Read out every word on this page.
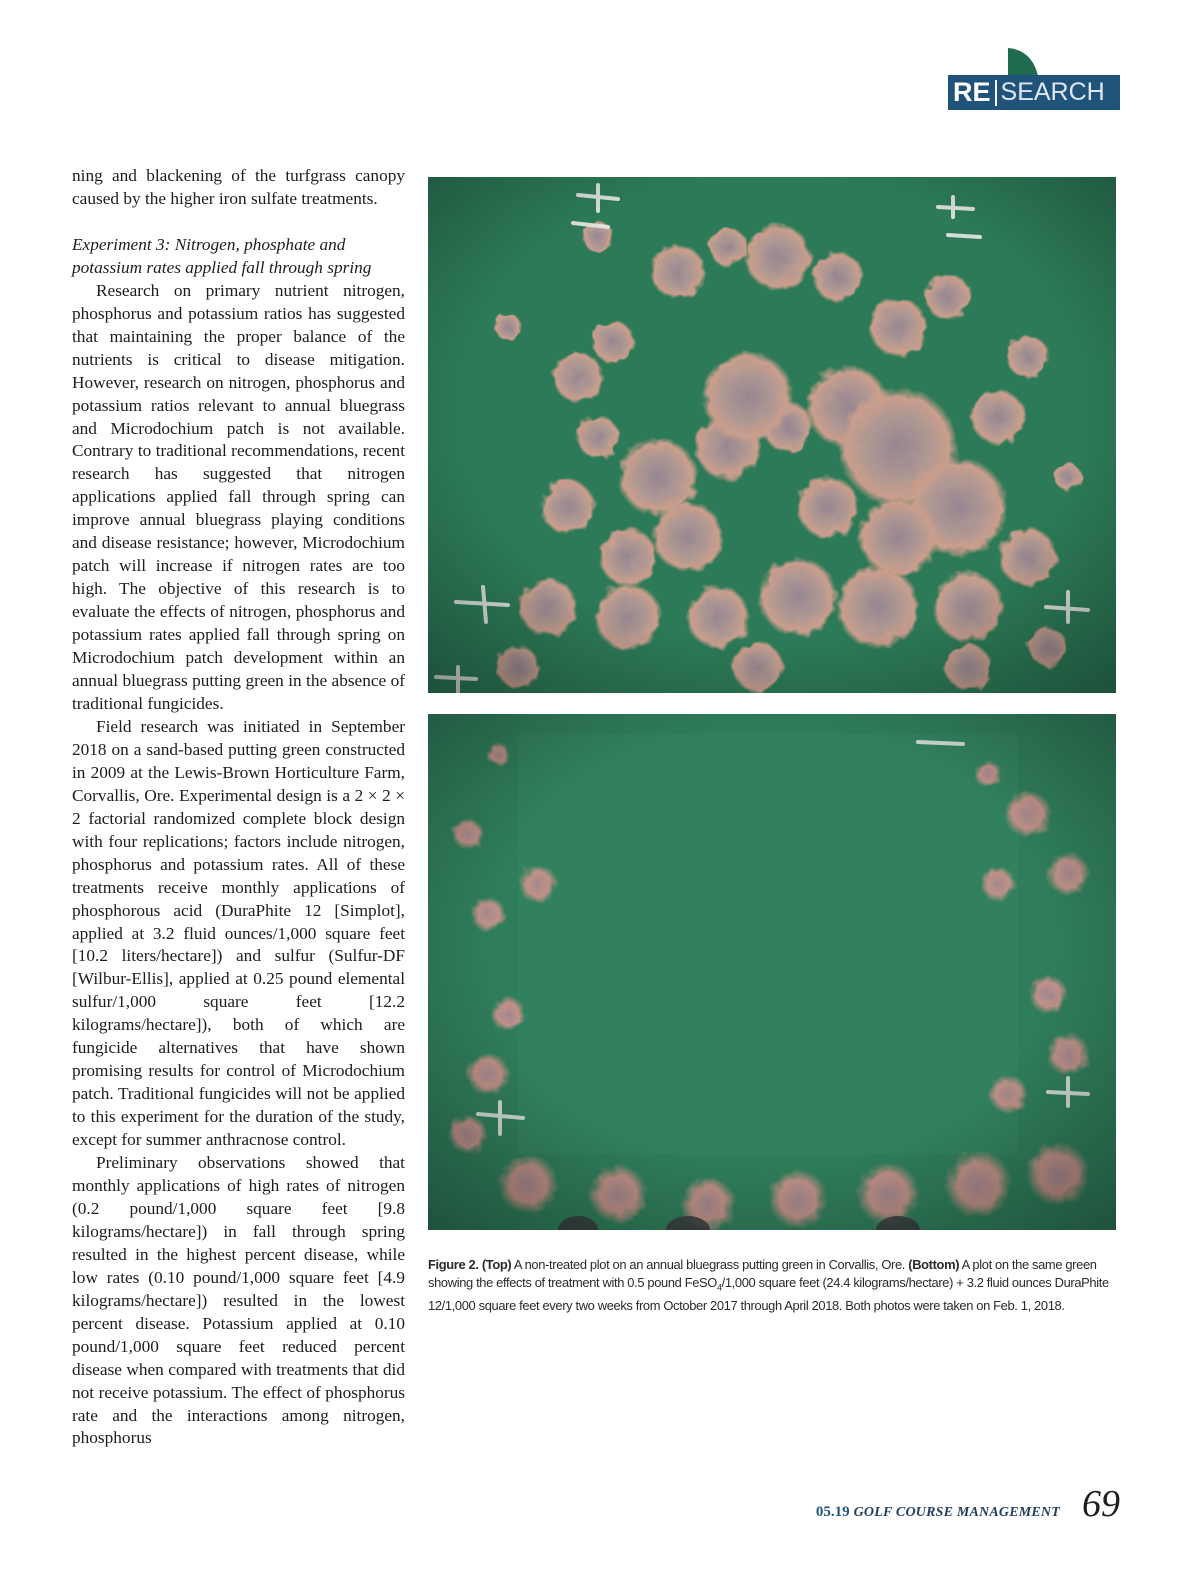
RE SEARCH

ning and blackening of the turfgrass canopy caused by the higher iron sulfate treatments.

Experiment 3: Nitrogen, phosphate and potassium rates applied fall through spring

Research on primary nutrient nitrogen, phosphorus and potassium ratios has suggested that maintaining the proper balance of the nutrients is critical to disease mitigation. However, research on nitrogen, phosphorus and potassium ratios relevant to annual bluegrass and Microdochium patch is not available. Contrary to traditional recommendations, recent research has suggested that nitrogen applications applied fall through spring can improve annual bluegrass playing conditions and disease resistance; however, Microdochium patch will increase if nitrogen rates are too high. The objective of this research is to evaluate the effects of nitrogen, phosphorus and potassium rates applied fall through spring on Microdochium patch development within an annual bluegrass putting green in the absence of traditional fungicides.

Field research was initiated in September 2018 on a sand-based putting green constructed in 2009 at the Lewis-Brown Horticulture Farm, Corvallis, Ore. Experimental design is a 2 × 2 × 2 factorial randomized complete block design with four replications; factors include nitrogen, phosphorus and potassium rates. All of these treatments receive monthly applications of phosphorous acid (DuraPhite 12 [Simplot], applied at 3.2 fluid ounces/1,000 square feet [10.2 liters/hectare]) and sulfur (Sulfur-DF [Wilbur-Ellis], applied at 0.25 pound elemental sulfur/1,000 square feet [12.2 kilograms/hectare]), both of which are fungicide alternatives that have shown promising results for control of Microdochium patch. Traditional fungicides will not be applied to this experiment for the duration of the study, except for summer anthracnose control.

Preliminary observations showed that monthly applications of high rates of nitrogen (0.2 pound/1,000 square feet [9.8 kilograms/hectare]) in fall through spring resulted in the highest percent disease, while low rates (0.10 pound/1,000 square feet [4.9 kilograms/hectare]) resulted in the lowest percent disease. Potassium applied at 0.10 pound/1,000 square feet reduced percent disease when compared with treatments that did not receive potassium. The effect of phosphorus rate and the interactions among nitrogen, phosphorus

Figure 2. (Top) A non-treated plot on an annual bluegrass putting green in Corvallis, Ore. (Bottom) A plot on the same green showing the effects of treatment with 0.5 pound FeSO$_4$/1,000 square feet (24.4 kilograms/hectare) + 3.2 fluid ounces DuraPhite 12/1,000 square feet every two weeks from October 2017 through April 2018. Both photos were taken on Feb. 1, 2018.
05.19 GOLF COURSE MANAGEMENT 69
